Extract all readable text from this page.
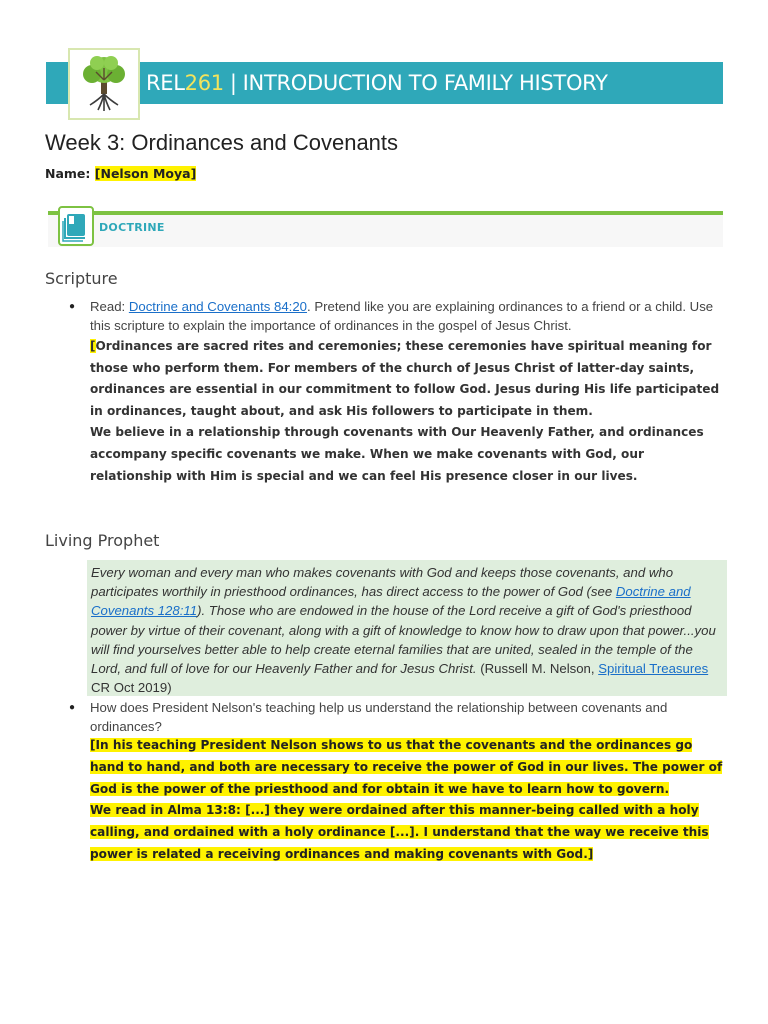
REL261 | INTRODUCTION TO FAMILY HISTORY
Week 3: Ordinances and Covenants
Name: [Nelson Moya]
DOCTRINE
Scripture
● Read: Doctrine and Covenants 84:20. Pretend like you are explaining ordinances to a friend or a child. Use this scripture to explain the importance of ordinances in the gospel of Jesus Christ.

[Ordinances are sacred rites and ceremonies; these ceremonies have spiritual meaning for those who perform them. For members of the church of Jesus Christ of latter-day saints, ordinances are essential in our commitment to follow God. Jesus during His life participated in ordinances, taught about, and ask His followers to participate in them.

We believe in a relationship through covenants with Our Heavenly Father, and ordinances accompany specific covenants we make. When we make covenants with God, our relationship with Him is special and we can feel His presence closer in our lives.

Living Prophet
Every woman and every man who makes covenants with God and keeps those covenants, and who participates worthily in priesthood ordinances, has direct access to the power of God (see Doctrine and Covenants 128:11). Those who are endowed in the house of the Lord receive a gift of God's priesthood power by virtue of their covenant, along with a gift of knowledge to know how to draw upon that power...you will find yourselves better able to help create eternal families that are united, sealed in the temple of the Lord, and full of love for our Heavenly Father and for Jesus Christ. (Russell M. Nelson, Spiritual Treasures CR Oct 2019)
● How does President Nelson's teaching help us understand the relationship between covenants and ordinances?
[In his teaching President Nelson shows to us that the covenants and the ordinances go hand to hand, and both are necessary to receive the power of God in our lives. The power of God is the power of the priesthood and for obtain it we have to learn how to govern.
We read in Alma 13:8: [...] they were ordained after this manner-being called with a holy calling, and ordained with a holy ordinance [...]. I understand that the way we receive this power is related a receiving ordinances and making covenants with God.]
